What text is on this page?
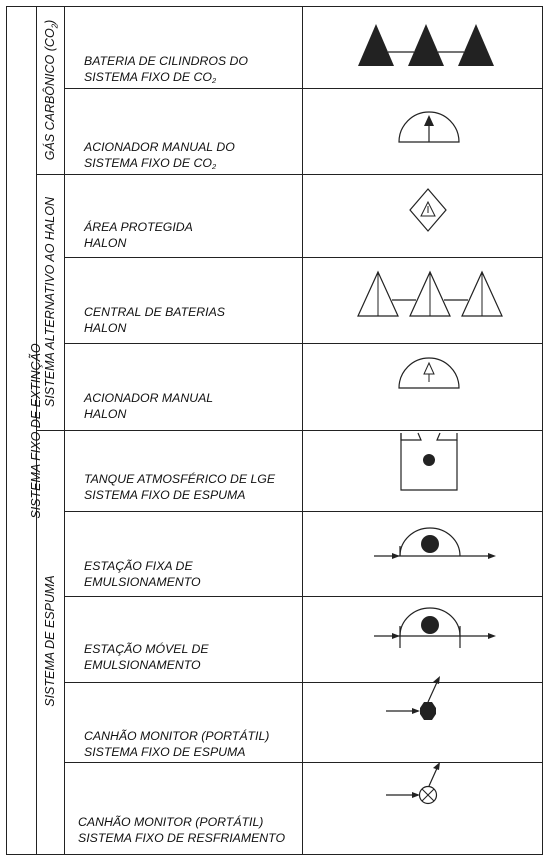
SISTEMA FIXO DE EXTINÇÃO
GÁS CARBÔNICO $(CO_2)$
SISTEMA ALTERNATIVO AO HALON
SISTEMA DE ESPUMA
BATERIA DE CILINDROS DO
SISTEMA FIXO DE $CO_2$
ACIONADOR MANUAL DO
SISTEMA FIXO DE $CO_2$
ÁREA PROTEGIDA
HALON
CENTRAL DE BATERIAS
HALON
ACIONADOR MANUAL
HALON
TANQUE ATMOSFÉRICO DE LGE
SISTEMA FIXO DE ESPUMA
ESTAÇÃO FIXA DE
EMULSIONAMENTO
ESTAÇÃO MÓVEL DE
EMULSIONAMENTO
CANHÃO MONITOR (PORTÁTIL)
SISTEMA FIXO DE ESPUMA
CANHÃO MONITOR (PORTÁTIL)
SISTEMA FIXO DE RESFRIAMENTO
